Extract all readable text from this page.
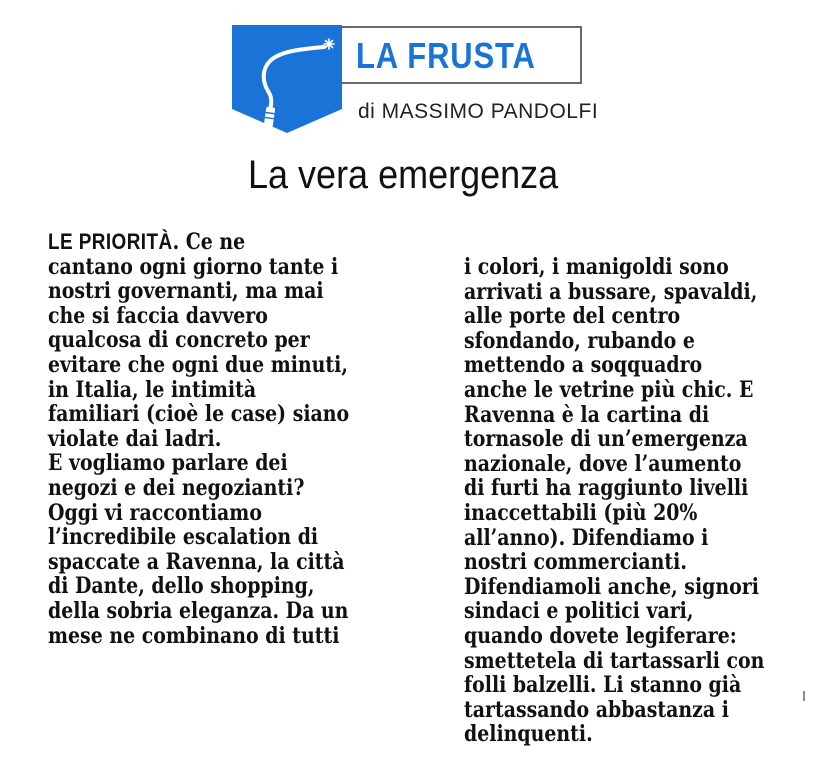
LA FRUSTA
di MASSIMO PANDOLFI
La vera emergenza
LE PRIORITÀ. Ce ne
cantano ogni giorno tante i
nostri governanti, ma mai
che si faccia davvero
qualcosa di concreto per
evitare che ogni due minuti,
in Italia, le intimità
familiari (cioè le case) siano
violate dai ladri.
E vogliamo parlare dei
negozi e dei negozianti?
Oggi vi raccontiamo
l’incredibile escalation di
spaccate a Ravenna, la città
di Dante, dello shopping,
della sobria eleganza. Da un
mese ne combinano di tutti
i colori, i manigoldi sono
arrivati a bussare, spavaldi,
alle porte del centro
sfondando, rubando e
mettendo a soqquadro
anche le vetrine più chic. E
Ravenna è la cartina di
tornasole di un’emergenza
nazionale, dove l’aumento
di furti ha raggiunto livelli
inaccettabili (più 20%
all’anno). Difendiamo i
nostri commercianti.
Difendiamoli anche, signori
sindaci e politici vari,
quando dovete legiferare:
smettetela di tartassarli con
folli balzelli. Li stanno già
tartassando abbastanza i
delinquenti.
